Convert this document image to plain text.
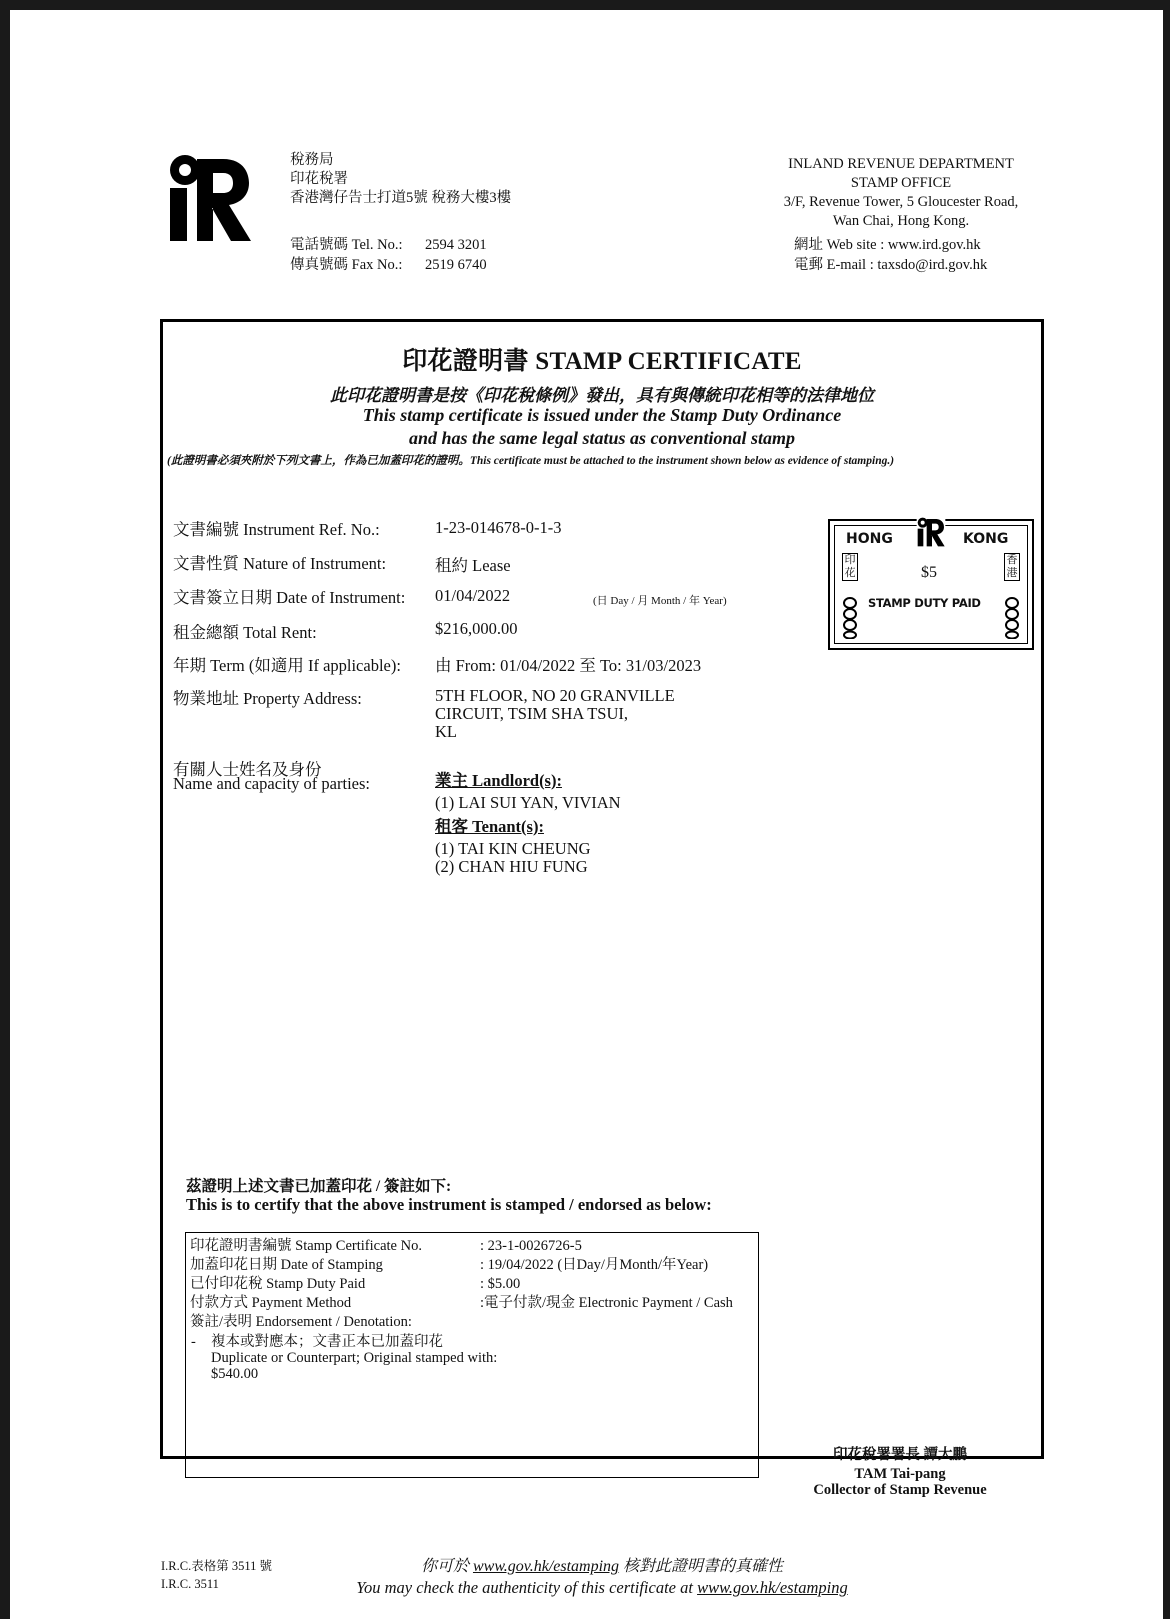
稅務局
印花稅署
香港灣仔告士打道5號 稅務大樓3樓
電話號碼 Tel. No.: 2594 3201
傳真號碼 Fax No.: 2519 6740
INLAND REVENUE DEPARTMENT
STAMP OFFICE
3/F, Revenue Tower, 5 Gloucester Road,
Wan Chai, Hong Kong.
網址 Web site : www.ird.gov.hk
電郵 E-mail : taxsdo@ird.gov.hk
印花證明書 STAMP CERTIFICATE
此印花證明書是按《印花稅條例》發出，具有與傳統印花相等的法律地位
This stamp certificate is issued under the Stamp Duty Ordinance
and has the same legal status as conventional stamp
(此證明書必須夾附於下列文書上，作為已加蓋印花的證明。This certificate must be attached to the instrument shown below as evidence of stamping.)
文書編號 Instrument Ref. No.:	1-23-014678-0-1-3
文書性質 Nature of Instrument:	租約 Lease
文書簽立日期 Date of Instrument: 01/04/2022	(日 Day / 月 Month / 年 Year)
租金總額 Total Rent:	$216,000.00
年期 Term (如適用 If applicable): 由 From: 01/04/2022 至 To: 31/03/2023
物業地址 Property Address:	5TH FLOOR, NO 20 GRANVILLE
CIRCUIT, TSIM SHA TSUI,
KL
有關人士姓名及身份
Name and capacity of parties:	業主 Landlord(s):
(1) LAI SUI YAN, VIVIAN
租客 Tenant(s):
(1) TAI KIN CHEUNG
(2) CHAN HIU FUNG
HONG	KONG
$5
STAMP DUTY PAID
印花
香港
茲證明上述文書已加蓋印花 / 簽註如下:
This is to certify that the above instrument is stamped / endorsed as below:
印花證明書編號 Stamp Certificate No.	: 23-1-0026726-5
加蓋印花日期 Date of Stamping	: 19/04/2022 (日Day/月Month/年Year)
已付印花稅 Stamp Duty Paid	: $5.00
付款方式 Payment Method	:電子付款/現金 Electronic Payment / Cash
簽註/表明 Endorsement / Denotation:
- 複本或對應本；文書正本已加蓋印花
Duplicate or Counterpart; Original stamped with:
$540.00
印花稅署署長 譚大鵬
TAM Tai-pang
Collector of Stamp Revenue
I.R.C.表格第 3511 號
I.R.C. 3511
你可於 www.gov.hk/estamping 核對此證明書的真確性
You may check the authenticity of this certificate at www.gov.hk/estamping
